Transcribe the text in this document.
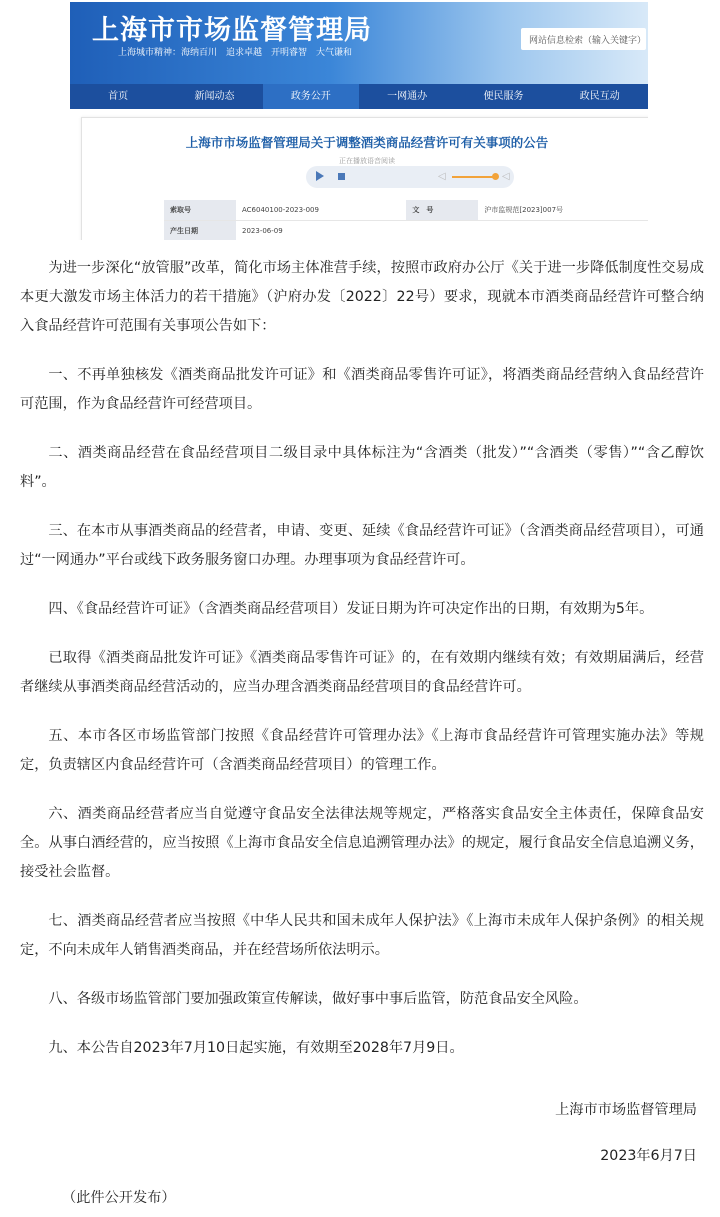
上海市市场监督管理局
上海城市精神：海纳百川　追求卓越　开明睿智　大气谦和
网站信息检索（输入关键字）
首页	新闻动态	政务公开	一网通办	便民服务	政民互动
上海市市场监督管理局关于调整酒类商品经营许可有关事项的公告
正在播放语音阅读
◁	◁
索取号	AC6040100-2023-009	文　号	沪市监规范[2023]007号
产生日期	2023-06-09		

为进一步深化“放管服”改革，简化市场主体准营手续，按照市政府办公厅《关于进一步降低制度性交易成本更大激发市场主体活力的若干措施》（沪府办发〔2022〕22号）要求，现就本市酒类商品经营许可整合纳入食品经营许可范围有关事项公告如下：

一、不再单独核发《酒类商品批发许可证》和《酒类商品零售许可证》，将酒类商品经营纳入食品经营许可范围，作为食品经营许可经营项目。

二、酒类商品经营在食品经营项目二级目录中具体标注为“含酒类（批发）”“含酒类（零售）”“含乙醇饮料”。

三、在本市从事酒类商品的经营者，申请、变更、延续《食品经营许可证》（含酒类商品经营项目），可通过“一网通办”平台或线下政务服务窗口办理。办理事项为食品经营许可。

四、《食品经营许可证》（含酒类商品经营项目）发证日期为许可决定作出的日期，有效期为5年。

已取得《酒类商品批发许可证》《酒类商品零售许可证》的，在有效期内继续有效；有效期届满后，经营者继续从事酒类商品经营活动的，应当办理含酒类商品经营项目的食品经营许可。

五、本市各区市场监管部门按照《食品经营许可管理办法》《上海市食品经营许可管理实施办法》等规定，负责辖区内食品经营许可（含酒类商品经营项目）的管理工作。

六、酒类商品经营者应当自觉遵守食品安全法律法规等规定，严格落实食品安全主体责任，保障食品安全。从事白酒经营的，应当按照《上海市食品安全信息追溯管理办法》的规定，履行食品安全信息追溯义务，接受社会监督。

七、酒类商品经营者应当按照《中华人民共和国未成年人保护法》《上海市未成年人保护条例》的相关规定，不向未成年人销售酒类商品，并在经营场所依法明示。

八、各级市场监管部门要加强政策宣传解读，做好事中事后监管，防范食品安全风险。

九、本公告自2023年7月10日起实施，有效期至2028年7月9日。

上海市市场监督管理局
2023年6月7日
（此件公开发布）
